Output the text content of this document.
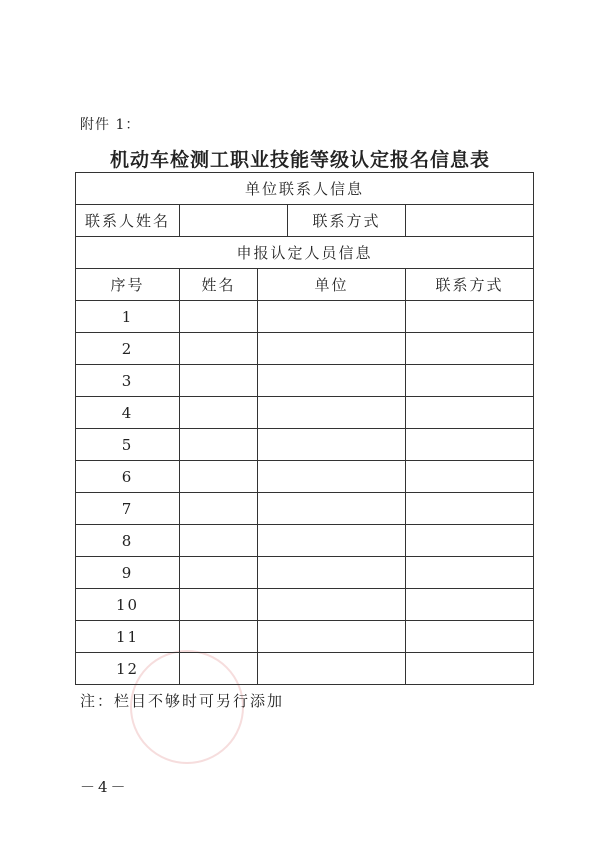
附件 1：
机动车检测工职业技能等级认定报名信息表
单位联系人信息				
联系人姓名			联系方式	
申报认定人员信息				
序号	姓名	单位		联系方式
1				
2				
3				
4				
5				
6				
7				
8				
9				
10				
11				
12				
注：栏目不够时可另行添加
－4－
